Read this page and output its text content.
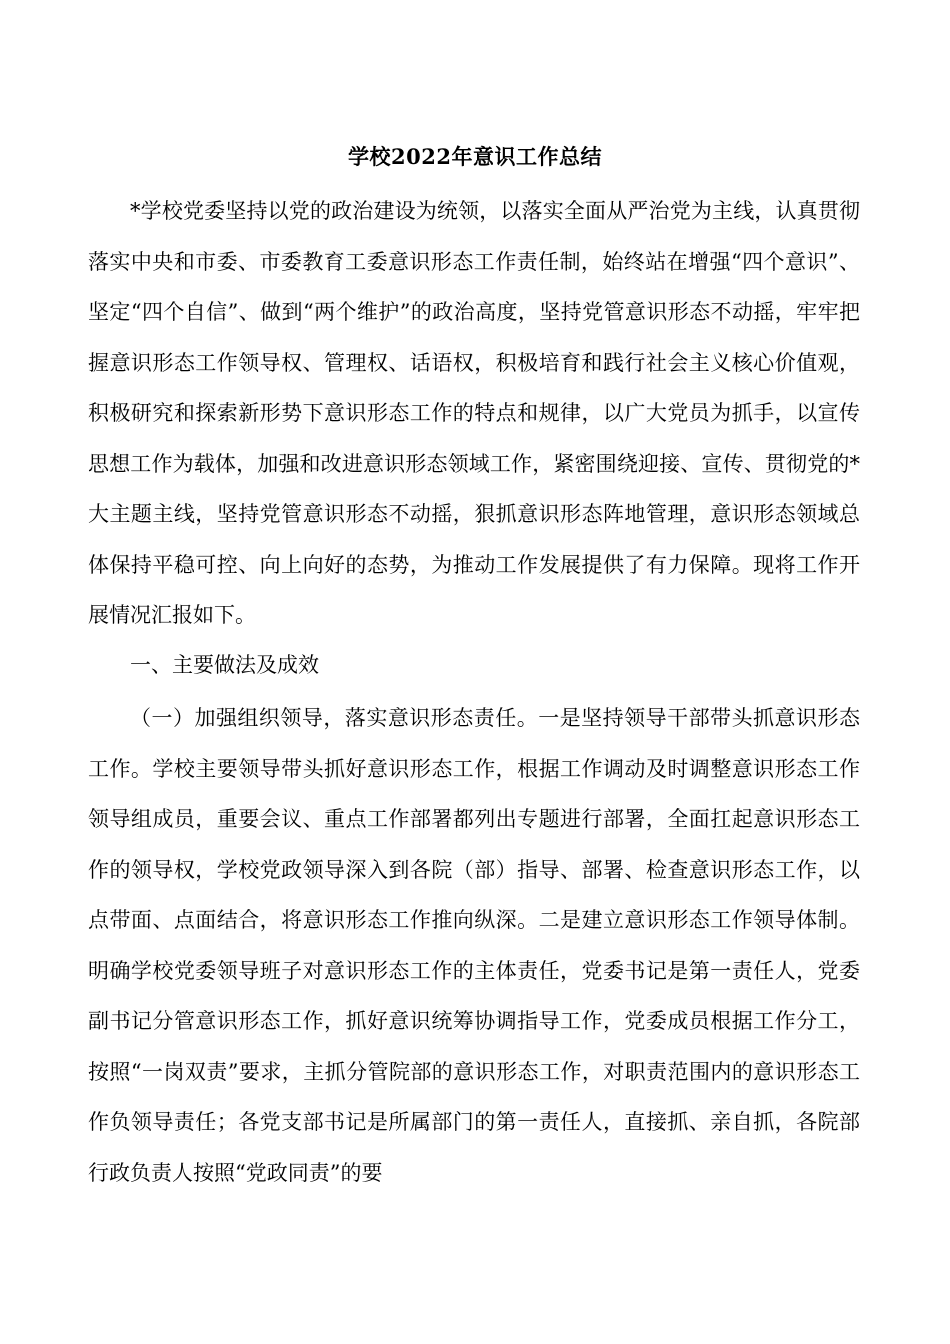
学校2022年意识工作总结

*学校党委坚持以党的政治建设为统领，以落实全面从严治党为主线，认真贯彻落实中央和市委、市委教育工委意识形态工作责任制，始终站在增强“四个意识”、坚定“四个自信”、做到“两个维护”的政治高度，坚持党管意识形态不动摇，牢牢把握意识形态工作领导权、管理权、话语权，积极培育和践行社会主义核心价值观，积极研究和探索新形势下意识形态工作的特点和规律，以广大党员为抓手，以宣传思想工作为载体，加强和改进意识形态领域工作，紧密围绕迎接、宣传、贯彻党的*大主题主线，坚持党管意识形态不动摇，狠抓意识形态阵地管理，意识形态领域总体保持平稳可控、向上向好的态势，为推动工作发展提供了有力保障。现将工作开展情况汇报如下。

一、主要做法及成效

（一）加强组织领导，落实意识形态责任。一是坚持领导干部带头抓意识形态工作。学校主要领导带头抓好意识形态工作，根据工作调动及时调整意识形态工作领导组成员，重要会议、重点工作部署都列出专题进行部署，全面扛起意识形态工作的领导权，学校党政领导深入到各院（部）指导、部署、检查意识形态工作，以点带面、点面结合，将意识形态工作推向纵深。二是建立意识形态工作领导体制。明确学校党委领导班子对意识形态工作的主体责任，党委书记是第一责任人，党委副书记分管意识形态工作，抓好意识统筹协调指导工作，党委成员根据工作分工，按照“一岗双责”要求，主抓分管院部的意识形态工作，对职责范围内的意识形态工作负领导责任；各党支部书记是所属部门的第一责任人，直接抓、亲自抓，各院部行政负责人按照“党政同责”的要
